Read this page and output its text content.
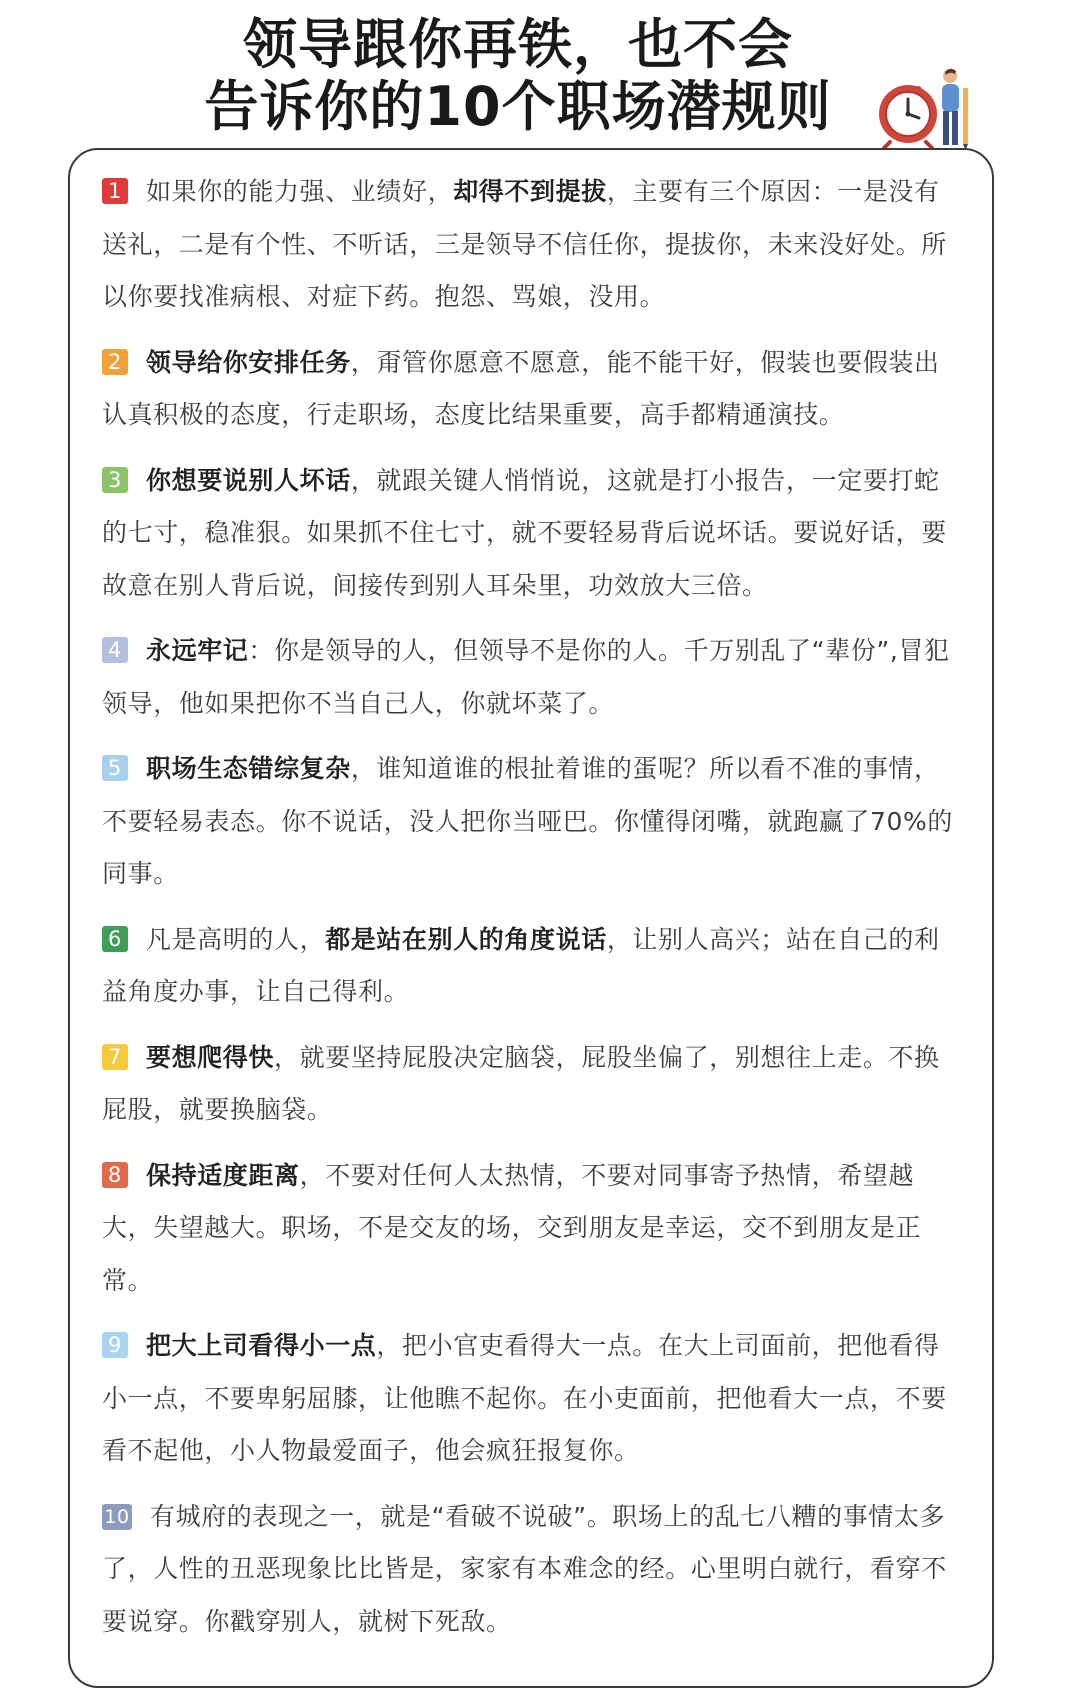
领导跟你再铁，也不会
告诉你的10个职场潜规则
1 如果你的能力强、业绩好，却得不到提拔，主要有三个原因：一是没有送礼，二是有个性、不听话，三是领导不信任你，提拔你，未来没好处。所以你要找准病根、对症下药。抱怨、骂娘，没用。
2 领导给你安排任务，甭管你愿意不愿意，能不能干好，假装也要假装出认真积极的态度，行走职场，态度比结果重要，高手都精通演技。
3 你想要说别人坏话，就跟关键人悄悄说，这就是打小报告，一定要打蛇的七寸，稳准狠。如果抓不住七寸，就不要轻易背后说坏话。要说好话，要故意在别人背后说，间接传到别人耳朵里，功效放大三倍。
4 永远牢记：你是领导的人，但领导不是你的人。千万别乱了“辈份”,冒犯领导，他如果把你不当自己人，你就坏菜了。
5 职场生态错综复杂，谁知道谁的根扯着谁的蛋呢？所以看不准的事情，不要轻易表态。你不说话，没人把你当哑巴。你懂得闭嘴，就跑赢了70%的同事。
6 凡是高明的人，都是站在别人的角度说话，让别人高兴；站在自己的利益角度办事，让自己得利。
7 要想爬得快，就要坚持屁股决定脑袋，屁股坐偏了，别想往上走。不换屁股，就要换脑袋。
8 保持适度距离，不要对任何人太热情，不要对同事寄予热情，希望越大，失望越大。职场，不是交友的场，交到朋友是幸运，交不到朋友是正常。
9 把大上司看得小一点，把小官吏看得大一点。在大上司面前，把他看得小一点，不要卑躬屈膝，让他瞧不起你。在小吏面前，把他看大一点，不要看不起他，小人物最爱面子，他会疯狂报复你。
10 有城府的表现之一，就是“看破不说破”。职场上的乱七八糟的事情太多了，人性的丑恶现象比比皆是，家家有本难念的经。心里明白就行，看穿不要说穿。你戳穿别人，就树下死敌。
